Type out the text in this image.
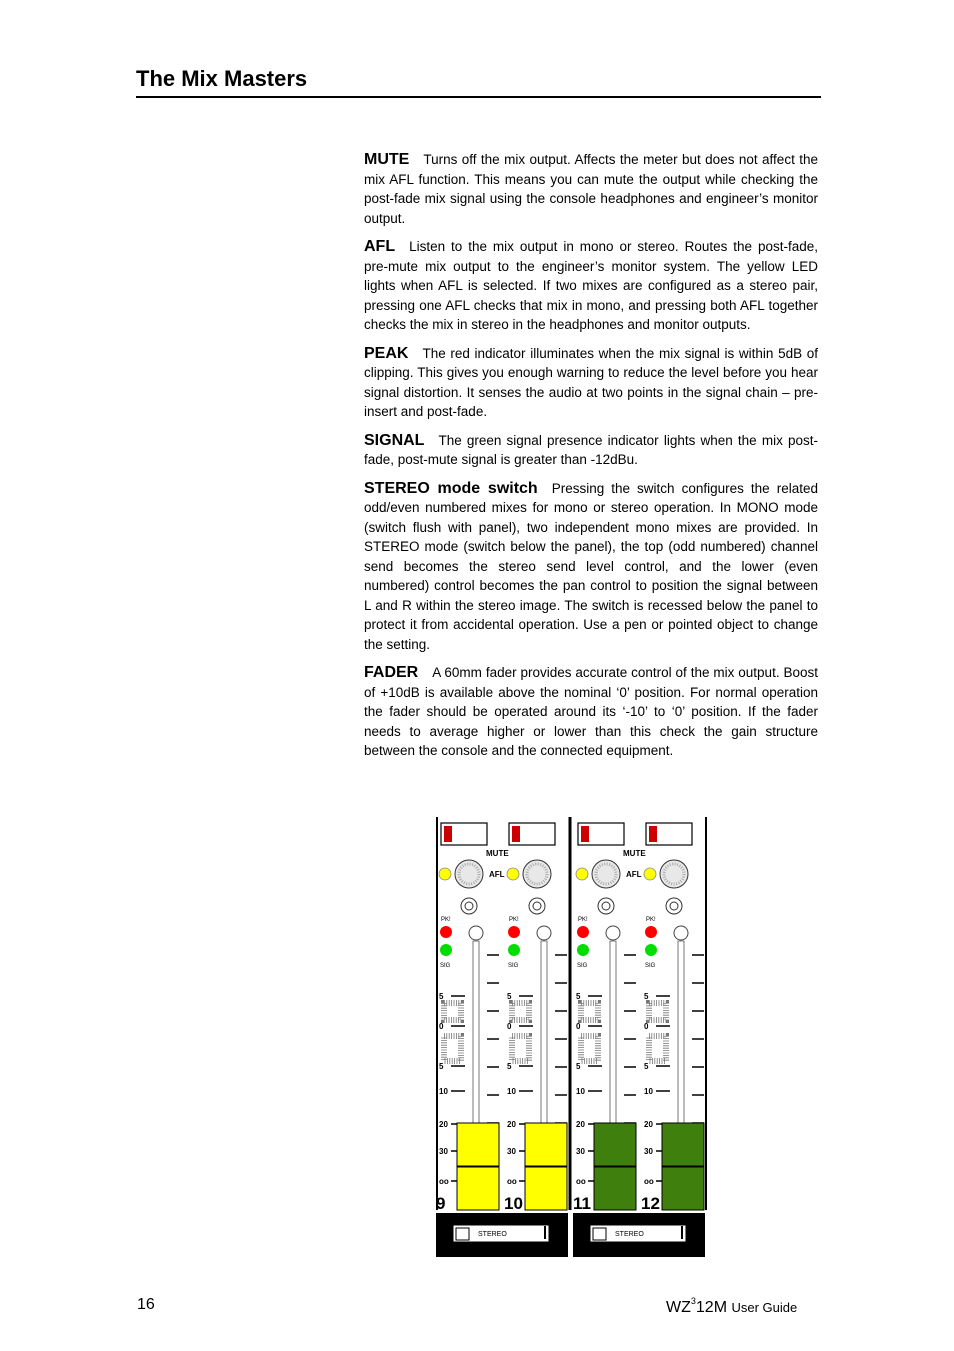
The Mix Masters

MUTE Turns off the mix output. Affects the meter but does not affect the mix AFL function. This means you can mute the output while checking the post-fade mix signal using the console headphones and engineer’s monitor output.

AFL Listen to the mix output in mono or stereo. Routes the post-fade, pre-mute mix output to the engineer’s monitor system. The yellow LED lights when AFL is selected. If two mixes are configured as a stereo pair, pressing one AFL checks that mix in mono, and pressing both AFL together checks the mix in stereo in the headphones and monitor outputs.

PEAK The red indicator illuminates when the mix signal is within 5dB of clipping. This gives you enough warning to reduce the level before you hear signal distortion. It senses the audio at two points in the signal chain – pre-insert and post-fade.

SIGNAL The green signal presence indicator lights when the mix post-fade, post-mute signal is greater than -12dBu.

STEREO mode switch Pressing the switch configures the related odd/even numbered mixes for mono or stereo operation. In MONO mode (switch flush with panel), two independent mono mixes are provided. In STEREO mode (switch below the panel), the top (odd numbered) channel send becomes the stereo send level control, and the lower (even numbered) control becomes the pan control to position the signal between L and R within the stereo image. The switch is recessed below the panel to protect it from accidental operation. Use a pen or pointed object to change the setting.

FADER A 60mm fader provides accurate control of the mix output. Boost of +10dB is available above the nominal ‘0’ position. For normal operation the fader should be operated around its ‘-10’ to ‘0’ position. If the fader needs to average higher or lower than this check the gain structure between the console and the connected equipment.

PK!
SIG
5
0
5
10
20
30
oo
9
PK!
SIG
5
0
5
10
20
30
oo
10
PK!
SIG
5
0
5
10
20
30
oo
11
PK!
SIG
5
0
5
10
20
30
oo
12
MUTE
AFL
MUTE
AFL
STEREO	STEREO
16	$WZ^312M$ User Guide
